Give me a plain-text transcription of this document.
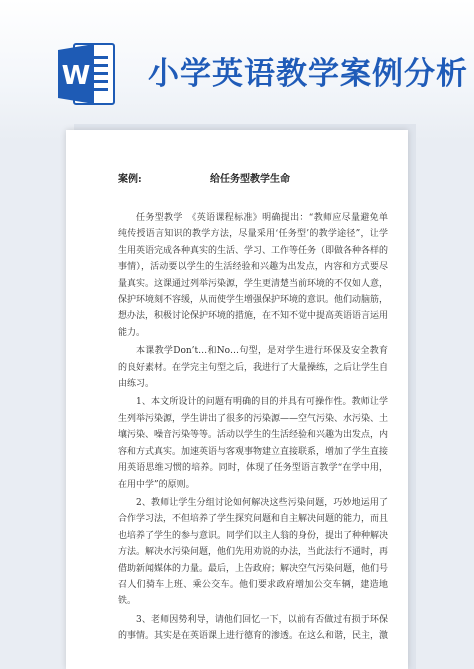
W 小学英语教学案例分析
案例:	给任务型教学生命

任务型教学　《英语课程标准》明确提出：“教师应尽量避免单纯传授语言知识的教学方法，尽量采用‘任务型’的教学途径”，让学生用英语完成各种真实的生活、学习、工作等任务（即做各种各样的事情），活动要以学生的生活经验和兴趣为出发点，内容和方式要尽量真实。这课通过列举污染源，学生更清楚当前环境的不仅如人意，保护环境刻不容缓，从而使学生增强保护环境的意识。他们动脑筋，想办法，积极讨论保护环境的措施，在不知不觉中提高英语语言运用能力。

本课教学Don’t…和No…句型，是对学生进行环保及安全教育的良好素材。在学完主句型之后，我进行了大量操练，之后让学生自由练习。

1、本文所设计的问题有明确的目的并具有可操作性。教师让学生列举污染源，学生讲出了很多的污染源——空气污染、水污染、土壤污染、噪音污染等等。活动以学生的生活经验和兴趣为出发点，内容和方式真实。加速英语与客观事物建立直接联系，增加了学生直接用英语思维习惯的培养。同时，体现了任务型语言教学“在学中用，在用中学”的原则。

2、教师让学生分组讨论如何解决这些污染问题，巧妙地运用了合作学习法，不但培养了学生探究问题和自主解决问题的能力，而且也培养了学生的参与意识。同学们以主人翁的身份，提出了种种解决方法。解决水污染问题，他们先用劝说的办法，当此法行不通时，再借助新闻媒体的力量。最后，上告政府；解决空气污染问题，他们号召人们骑车上班、乘公交车。他们要求政府增加公交车辆，建造地铁。

3、老师因势利导，请他们回忆一下，以前有否做过有损于环保的事情。其实是在英语课上进行德育的渗透。在这么和谐，民主，激
